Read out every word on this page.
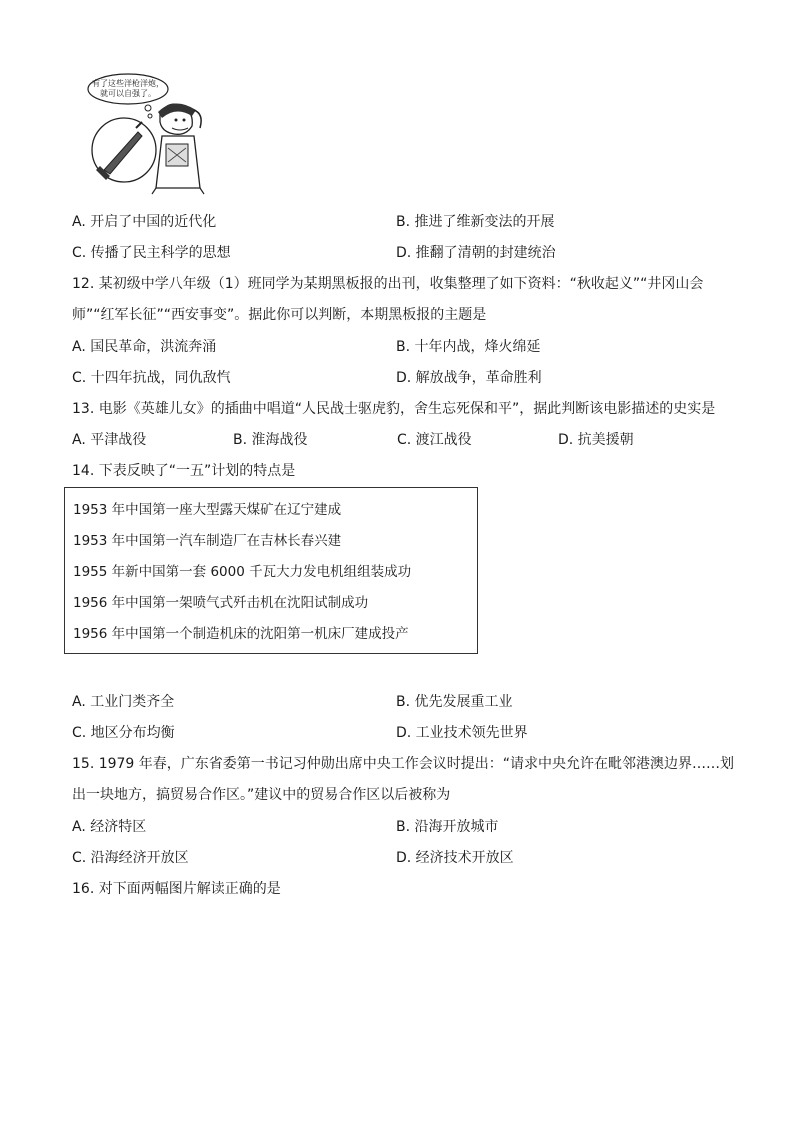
有了这些洋枪洋炮，
就可以自强了。
A. 开启了中国的近代化	B. 推进了维新变法的开展
C. 传播了民主科学的思想	D. 推翻了清朝的封建统治
12. 某初级中学八年级（1）班同学为某期黑板报的出刊，收集整理了如下资料：“秋收起义”“井冈山会
师”“红军长征”“西安事变”。据此你可以判断，本期黑板报的主题是
A. 国民革命，洪流奔涌	B. 十年内战，烽火绵延
C. 十四年抗战，同仇敌忾	D. 解放战争，革命胜利
13. 电影《英雄儿女》的插曲中唱道“人民战士驱虎豹，舍生忘死保和平”，据此判断该电影描述的史实是
A. 平津战役	B. 淮海战役	C. 渡江战役	D. 抗美援朝
14. 下表反映了“一五”计划的特点是
1953 年中国第一座大型露天煤矿在辽宁建成
1953 年中国第一汽车制造厂在吉林长春兴建
1955 年新中国第一套 6000 千瓦大力发电机组组装成功
1956 年中国第一架喷气式歼击机在沈阳试制成功
1956 年中国第一个制造机床的沈阳第一机床厂建成投产
A. 工业门类齐全	B. 优先发展重工业
C. 地区分布均衡	D. 工业技术领先世界
15. 1979 年春，广东省委第一书记习仲勋出席中央工作会议时提出：“请求中央允许在毗邻港澳边界……划
出一块地方，搞贸易合作区。”建议中的贸易合作区以后被称为
A. 经济特区	B. 沿海开放城市
C. 沿海经济开放区	D. 经济技术开放区
16. 对下面两幅图片解读正确的是
